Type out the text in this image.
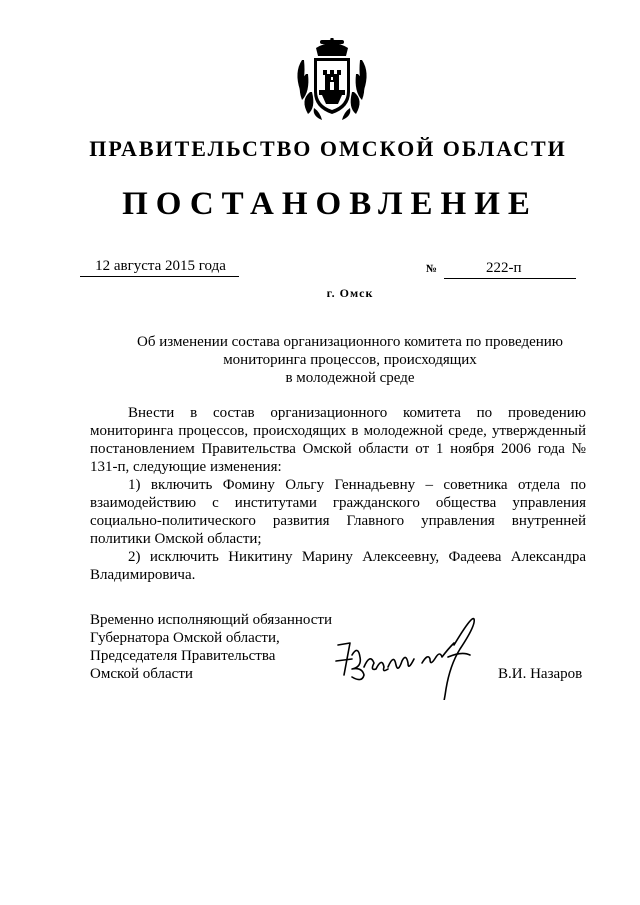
ПРАВИТЕЛЬСТВО ОМСКОЙ ОБЛАСТИ
ПОСТАНОВЛЕНИЕ
12 августа 2015 года	№	222-п
г. Омск
Об изменении состава организационного комитета по проведению
мониторинга процессов, происходящих
в молодежной среде

Внести в состав организационного комитета по проведению мониторинга процессов, происходящих в молодежной среде, утвержденный постановлением Правительства Омской области от 1 ноября 2006 года № 131-п, следующие изменения:

1) включить Фомину Ольгу Геннадьевну – советника отдела по взаимодействию с институтами гражданского общества управления социально-политического развития Главного управления внутренней политики Омской области;

2) исключить Никитину Марину Алексеевну, Фадеева Александра Владимировича.

Временно исполняющий обязанности
Губернатора Омской области,
Председателя Правительства
Омской области	В.И. Назаров
